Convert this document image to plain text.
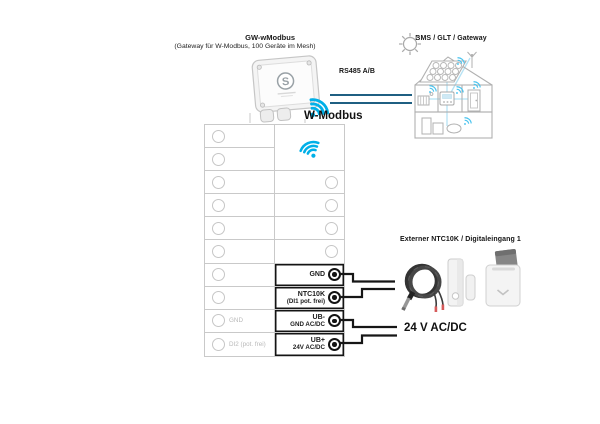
GW-wModbus
(Gateway für W-Modbus, 100 Geräte im Mesh)
S
RS485 A/B
BMS / GLT / Gateway
W-Modbus
GND
DI2 (pot. frei)
GND
NTC10K
(DI1 pot. frei)
UB-
GND AC/DC
UB+
24V AC/DC
Externer NTC10K / Digitaleingang 1
24 V AC/DC
